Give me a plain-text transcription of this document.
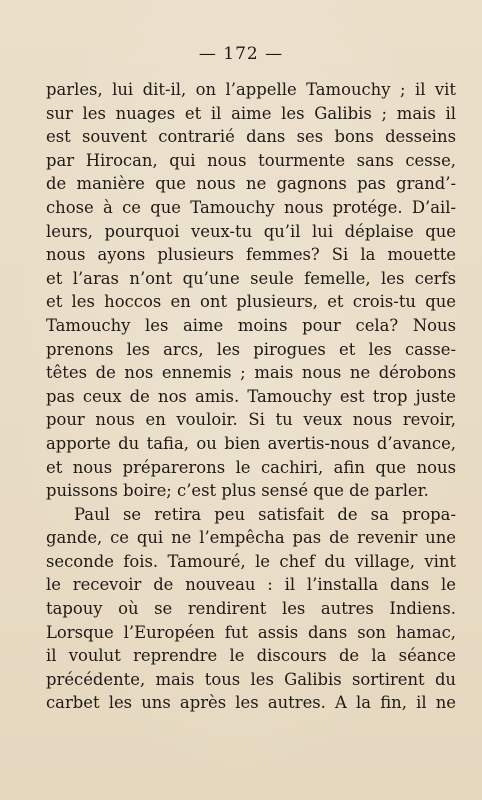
— 172 —
parles, lui dit-il, on l’appelle Tamouchy ; il vit
sur les nuages et il aime les Galibis ; mais il
est souvent contrarié dans ses bons desseins
par Hirocan, qui nous tourmente sans cesse,
de manière que nous ne gagnons pas grand’-
chose à ce que Tamouchy nous protége. D’ail-
leurs, pourquoi veux-tu qu’il lui déplaise que
nous ayons plusieurs femmes? Si la mouette
et l’aras n’ont qu’une seule femelle, les cerfs
et les hoccos en ont plusieurs, et crois-tu que
Tamouchy les aime moins pour cela? Nous
prenons les arcs, les pirogues et les casse-
têtes de nos ennemis ; mais nous ne dérobons
pas ceux de nos amis. Tamouchy est trop juste
pour nous en vouloir. Si tu veux nous revoir,
apporte du tafia, ou bien avertis-nous d’avance,
et nous préparerons le cachiri, afin que nous
puissons boire; c’est plus sensé que de parler.
Paul se retira peu satisfait de sa propa-
gande, ce qui ne l’empêcha pas de revenir une
seconde fois. Tamouré, le chef du village, vint
le recevoir de nouveau : il l’installa dans le
tapouy où se rendirent les autres Indiens.
Lorsque l’Européen fut assis dans son hamac,
il voulut reprendre le discours de la séance
précédente, mais tous les Galibis sortirent du
carbet les uns après les autres. A la fin, il ne
